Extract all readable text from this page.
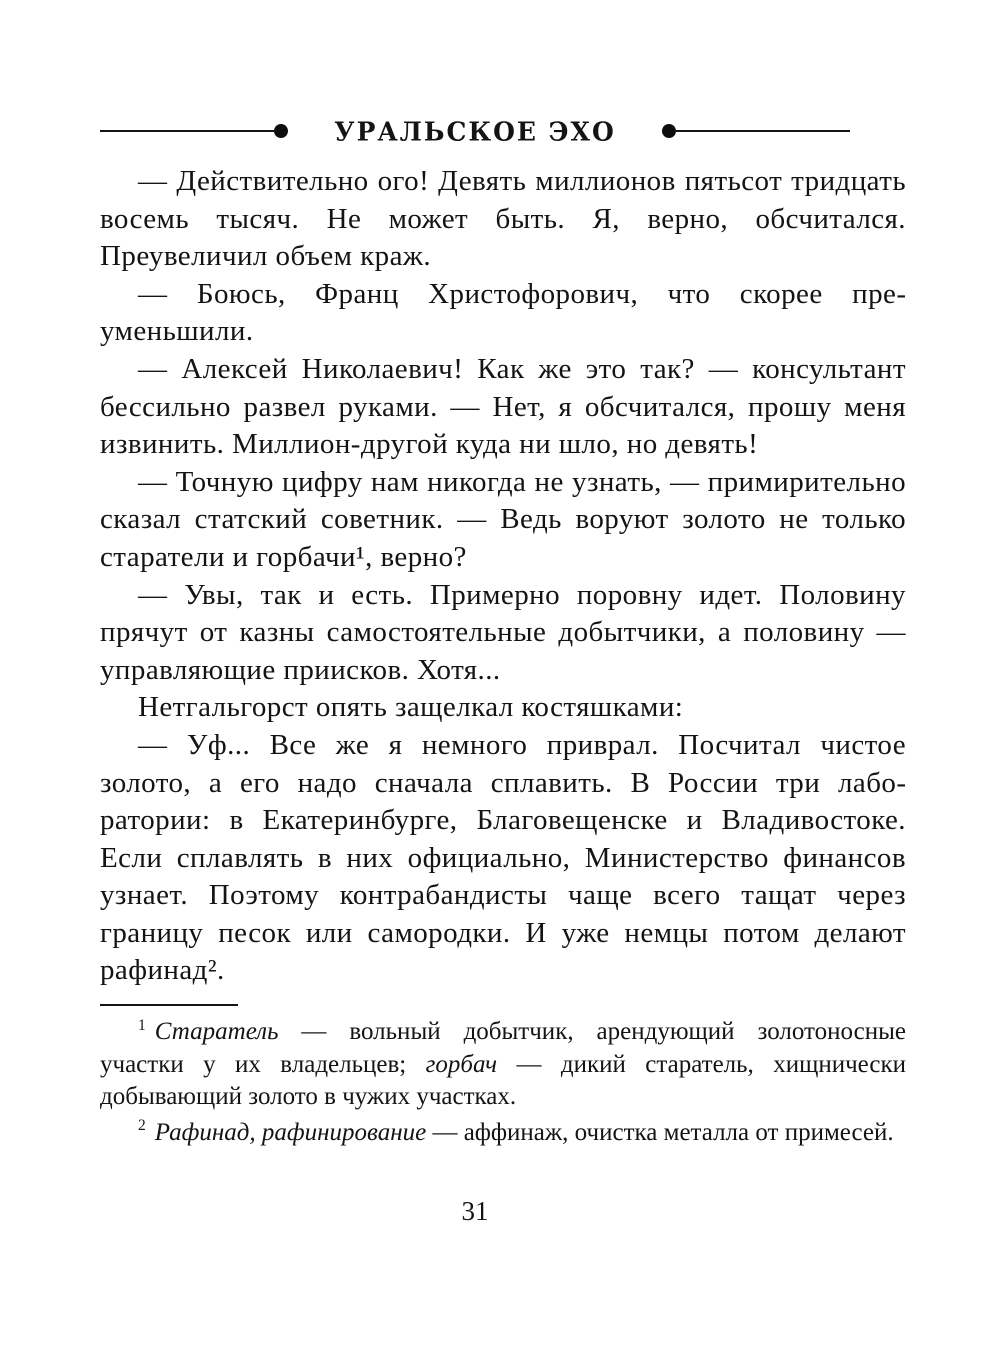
УРАЛЬСКОЕ ЭХО

— Действительно ого! Девять миллионов пятьсот тридцать восемь тысяч. Не может быть. Я, верно, обсчитался. Преувеличил объем краж.

— Боюсь, Франц Христофорович, что скорее преуменьшили.

— Алексей Николаевич! Как же это так? — консультант бессильно развел руками. — Нет, я обсчитался, прошу меня извинить. Миллион-другой куда ни шло, но девять!

— Точную цифру нам никогда не узнать, — примирительно сказал статский советник. — Ведь воруют золото не только старатели и горбачи¹, верно?

— Увы, так и есть. Примерно поровну идет. Половину прячут от казны самостоятельные добытчики, а половину — управляющие приисков. Хотя...

Нетгальгорст опять защелкал костяшками:

— Уф... Все же я немного приврал. Посчитал чистое золото, а его надо сначала сплавить. В России три лаборатории: в Екатеринбурге, Благовещенске и Владивостоке. Если сплавлять в них официально, Министерство финансов узнает. Поэтому контрабандисты чаще всего тащат через границу песок или самородки. И уже немцы потом делают рафинад².

$^1$ Старатель — вольный добытчик, арендующий золотоносные участки у их владельцев; горбач — дикий старатель, хищнически добывающий золото в чужих участках.

$^2$ Рафинад, рафинирование — аффинаж, очистка металла от примесей.

31
